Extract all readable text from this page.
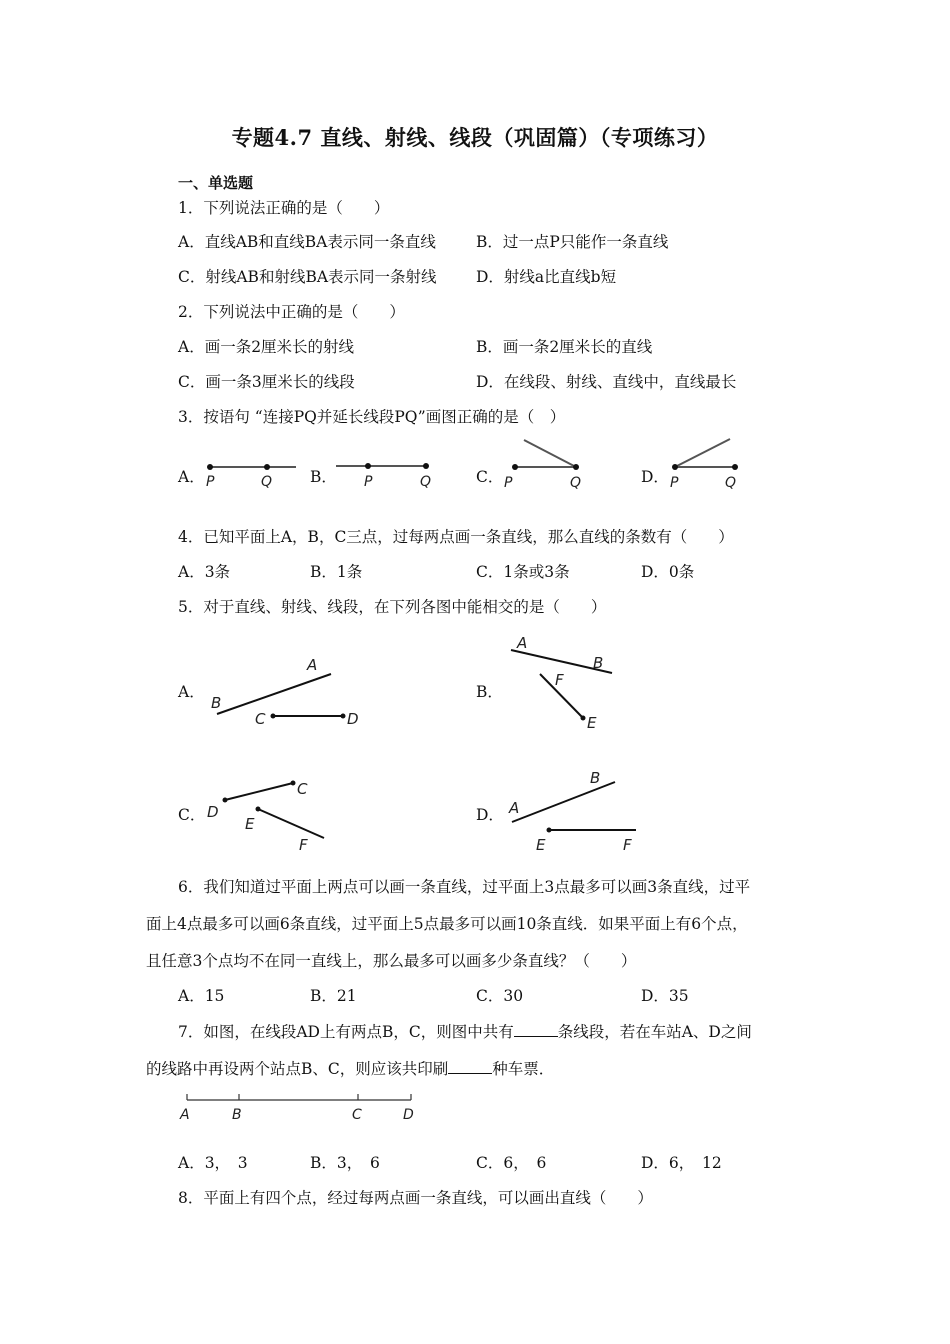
专题4.7 直线、射线、线段（巩固篇）（专项练习）
一、单选题
1．下列说法正确的是（　　）
A．直线AB和直线BA表示同一条直线	B．过一点P只能作一条直线
C．射线AB和射线BA表示同一条射线	D．射线a比直线b短
2．下列说法中正确的是（　　）
A．画一条2厘米长的射线	B．画一条2厘米长的直线
C．画一条3厘米长的线段	D．在线段、射线、直线中，直线最长
3．按语句 “连接PQ并延长线段PQ”画图正确的是（　）
A．	B．	C．	D．
P	Q	P	Q	P	Q	P	Q
4．已知平面上A，B，C三点，过每两点画一条直线，那么直线的条数有（　　）
A．3条	B．1条	C．1条或3条	D．0条
5．对于直线、射线、线段，在下列各图中能相交的是（　　）
A．	B．
C．	D．
A
B
C	D
A
B
F
E
D
C
E
F
A
B
E	F
6．我们知道过平面上两点可以画一条直线，过平面上3点最多可以画3条直线，过平
面上4点最多可以画6条直线，过平面上5点最多可以画10条直线．如果平面上有6个点，
且任意3个点均不在同一直线上，那么最多可以画多少条直线？（　　）
A．15	B．21	C．30	D．35
7．如图，在线段AD上有两点B，C，则图中共有	条线段，若在车站A、D之间
的线路中再设两个站点B、C，则应该共印刷	种车票．
A	B	C	D
A．3，　3	B．3，　6	C．6，　6	D．6，　12
8．平面上有四个点，经过每两点画一条直线，可以画出直线（　　）
